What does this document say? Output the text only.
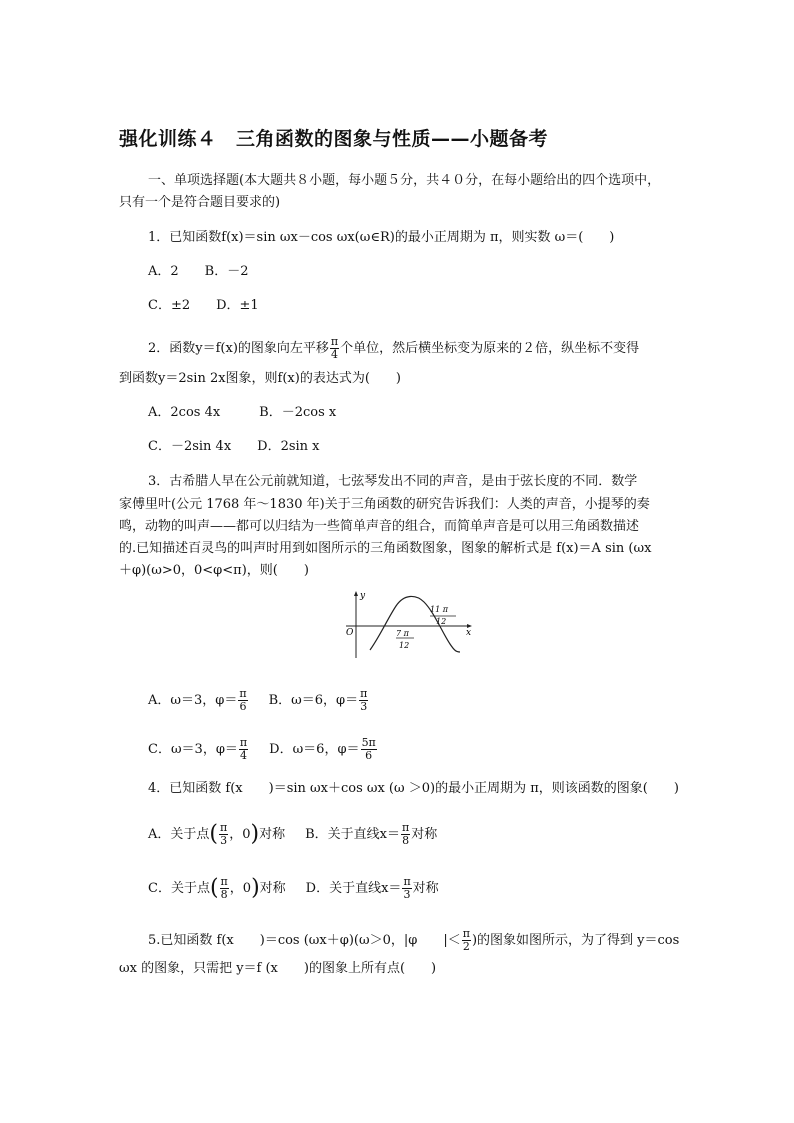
强化训练４　三角函数的图象与性质——小题备考
一、单项选择题(本大题共８小题，每小题５分，共４０分，在每小题给出的四个选项中，
只有一个是符合题目要求的)
1．已知函数f(x)＝sin ωx－cos ωx(ω∈R)的最小正周期为 π，则实数 ω＝(　　)
A．2　　B．－2
C．±2　　D．±1
2．函数y＝f(x)的图象向左平移 $\frac{\pi}{4}$ 个单位，然后横坐标变为原来的２倍，纵坐标不变得
到函数y＝2sin 2x图象，则f(x)的表达式为(　　)
A．2cos 4x　　　B．－2cos x
C．－2sin 4x　　D．2sin x
3．古希腊人早在公元前就知道，七弦琴发出不同的声音，是由于弦长度的不同．数学
家傅里叶(公元 1768 年～1830 年)关于三角函数的研究告诉我们：人类的声音，小提琴的奏
鸣，动物的叫声——都可以归结为一些简单声音的组合，而简单声音是可以用三角函数描述
的.已知描述百灵鸟的叫声时用到如图所示的三角函数图象，图象的解析式是 f(x)＝A sin (ωx
＋φ)(ω>0，0<φ<π)，则(　　)
y
x
O
11 π
12
7 π
12
A．ω＝3，$\varphi= \frac{\pi}{6}$ B．ω＝6，$\varphi= \frac{\pi}{3}$
C．ω＝3，$\varphi= \frac{\pi}{4}$ D．ω＝6，$\varphi= \frac{5\pi}{6}$
4．已知函数 f(x　　)＝sin ωx＋cos ωx (ω ＞0)的最小正周期为 π，则该函数的图象(　　)
A．关于点( $\frac{\pi}{3}$ ，0)对称 B．关于直线$x= \frac{\pi}{8}$ 对称
C．关于点( $\frac{\pi}{8}$ ，0)对称 D．关于直线$x= \frac{\pi}{3}$ 对称
5.已知函数 f(x　　)＝cos (ωx＋φ)(ω＞0，|φ　　|＜ $\frac{\pi}{2}$ )的图象如图所示，为了得到 y＝cos
ωx 的图象，只需把 y＝f (x　　)的图象上所有点(　　)
